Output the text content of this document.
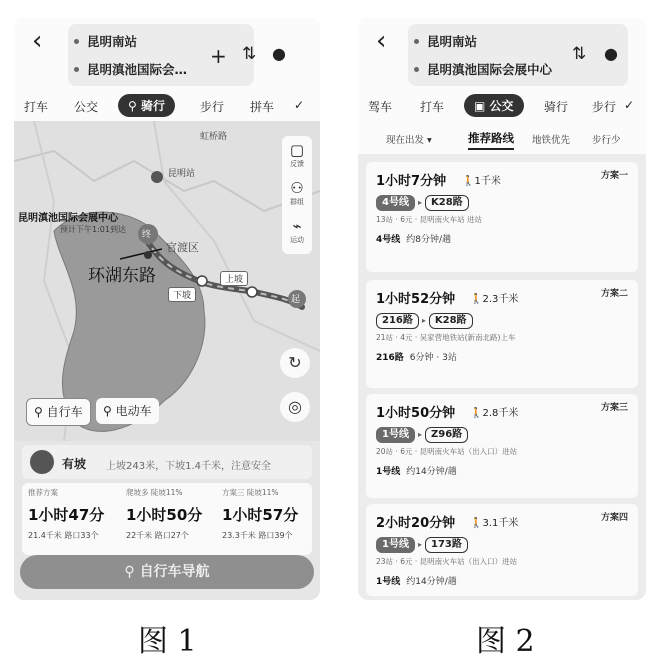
‹	昆明南站
昆明滇池国际会…
+ ⇅ ●
打车 公交	⚲ 骑行	步行 拼车 ✓
虹桥路
昆明站
官渡区
昆明滇池国际会展中心
预计下午1:01到达
环湖东路
下坡
上坡
起
终
▢
反馈
⚇
群组
⌁
运动
↻
◎
⚲ 自行车	⚲ 电动车
有坡 上坡243米，下坡1.4千米，注意安全
推荐方案
1小时47分
21.4千米 路口33个
爬坡多 陡坡11%
1小时50分
22千米 路口27个
方案三 陡坡11%
1小时57分
23.3千米 路口39个
⚲ 自行车导航
‹	昆明南站
昆明滇池国际会展中心
⇅ ●
驾车 打车	▣ 公交	骑行 步行 ✓
现在出发 ▾	推荐路线 地铁优先 步行少
1小时7分钟 🚶1千米	方案一
4号线 ▸ K28路
13站 · 6元 · 昆明南火车站 进站
4号线 约8分钟/趟
1小时52分钟 🚶2.3千米	方案二
216路 ▸ K28路
21站 · 4元 · 吴家营地铁站(新南北路)上车
216路 6分钟 · 3站
1小时50分钟 🚶2.8千米	方案三
1号线 ▸ Z96路
20站 · 6元 · 昆明南火车站（出入口）进站
1号线 约14分钟/趟
2小时20分钟 🚶3.1千米	方案四
1号线 ▸ 173路
23站 · 6元 · 昆明南火车站（出入口）进站
1号线 约14分钟/趟
图 1	图 2
